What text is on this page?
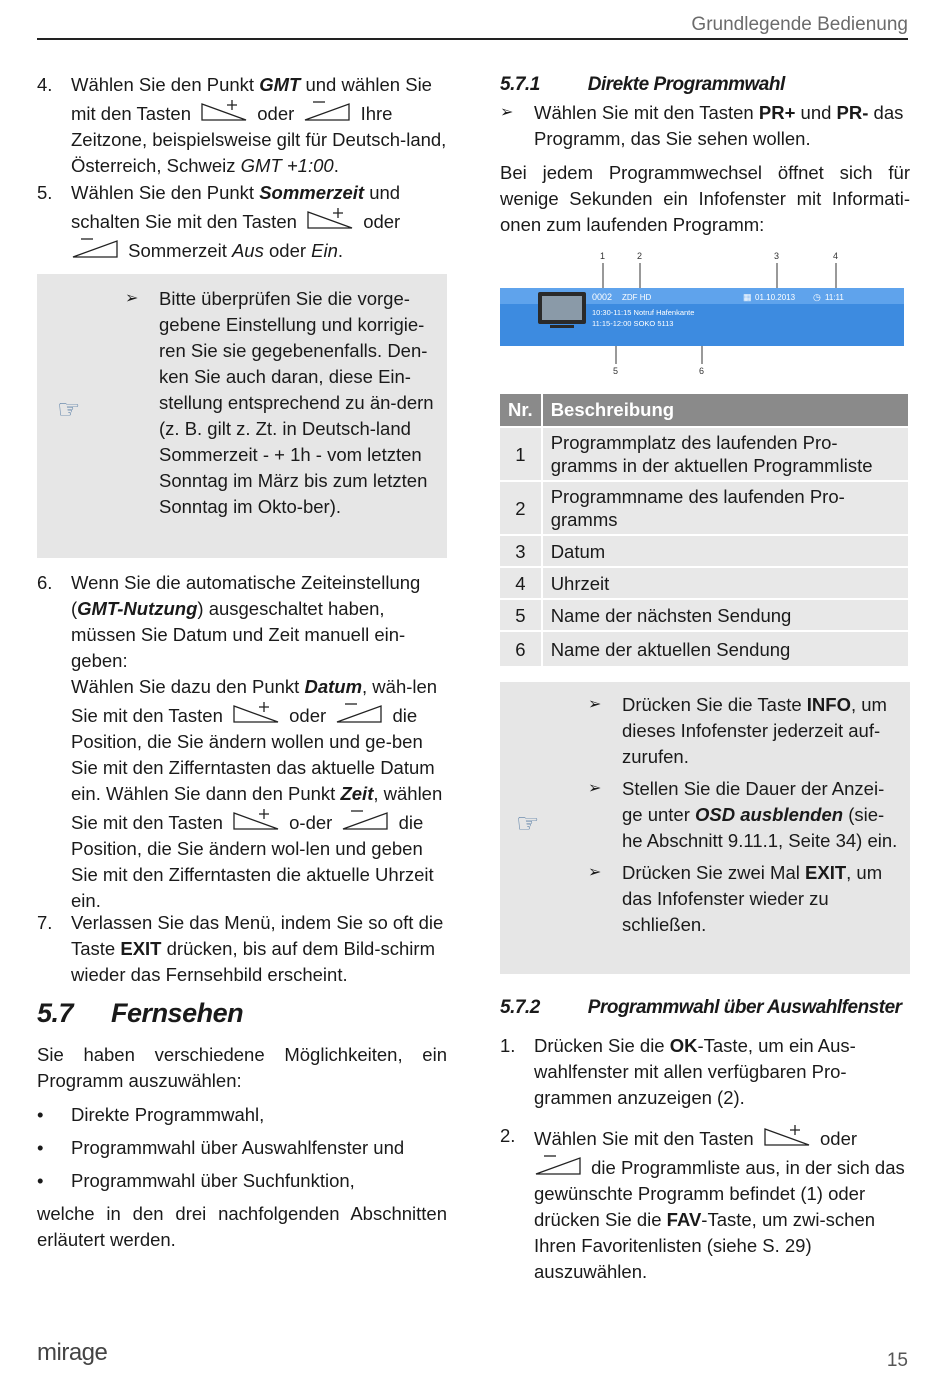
Grundlegende Bedienung
4. Wählen Sie den Punkt GMT und wählen Sie mit den Tasten	oder	Ihre Zeitzone, beispielsweise gilt für Deutsch-land, Österreich, Schweiz GMT +1:00.
5. Wählen Sie den Punkt Sommerzeit und schalten Sie mit den Tasten	oder  Sommerzeit Aus oder Ein.
☞
➢ Bitte überprüfen Sie die vorge-gebene Einstellung und korrigie-ren Sie sie gegebenenfalls. Den-ken Sie auch daran, diese Ein-stellung entsprechend zu än-dern (z. B. gilt z. Zt. in Deutsch-land Sommerzeit - + 1h - vom letzten Sonntag im März bis zum letzten Sonntag im Okto-ber).
6. Wenn Sie die automatische Zeiteinstellung (GMT-Nutzung) ausgeschaltet haben, müssen Sie Datum und Zeit manuell ein-geben:
Wählen Sie dazu den Punkt Datum, wäh-len Sie mit den Tasten	oder	die Position, die Sie ändern wollen und ge-ben Sie mit den Zifferntasten das aktuelle Datum ein. Wählen Sie dann den Punkt Zeit, wählen Sie mit den Tasten	o-der	die Position, die Sie ändern wol-len und geben Sie mit den Zifferntasten die aktuelle Uhrzeit ein.
7. Verlassen Sie das Menü, indem Sie so oft die Taste EXIT drücken, bis auf dem Bild-schirm wieder das Fernsehbild erscheint.
5.7 Fernsehen
Sie haben verschiedene Möglichkeiten, ein Programm auszuwählen:
• Direkte Programmwahl,
• Programmwahl über Auswahlfenster und
• Programmwahl über Suchfunktion,
welche in den drei nachfolgenden Abschnitten erläutert werden.
5.7.1	Direkte Programmwahl
➢ Wählen Sie mit den Tasten PR+ und PR- das Programm, das Sie sehen wollen.
Bei jedem Programmwechsel öffnet sich für wenige Sekunden ein Infofenster mit Informati-onen zum laufenden Programm:
1	2	3	4
5	6
0002 ZDF HD	▦ 01.10.2013 ◷ 11:11
10:30-11:15 Notruf Hafenkante
11:15-12:00 SOKO 5113
Nr.	Beschreibung
1	Programmplatz des laufenden Pro-gramms in der aktuellen Programmliste
2	Programmname des laufenden Pro-gramms
3	Datum
4	Uhrzeit
5	Name der nächsten Sendung
6	Name der aktuellen Sendung
☞
➢ Drücken Sie die Taste INFO, um dieses Infofenster jederzeit auf-zurufen.
➢ Stellen Sie die Dauer der Anzei-ge unter OSD ausblenden (sie-he Abschnitt 9.11.1, Seite 34) ein.
➢ Drücken Sie zwei Mal EXIT, um das Infofenster wieder zu schließen.
5.7.2	Programmwahl über Auswahlfenster
1. Drücken Sie die OK-Taste, um ein Aus-wahlfenster mit allen verfügbaren Pro-grammen anzuzeigen (2).
2. Wählen Sie mit den Tasten	oder  die Programmliste aus, in der sich das gewünschte Programm befindet (1) oder drücken Sie die FAV-Taste, um zwi-schen Ihren Favoritenlisten (siehe S. 29) auszuwählen.
mirage	15
